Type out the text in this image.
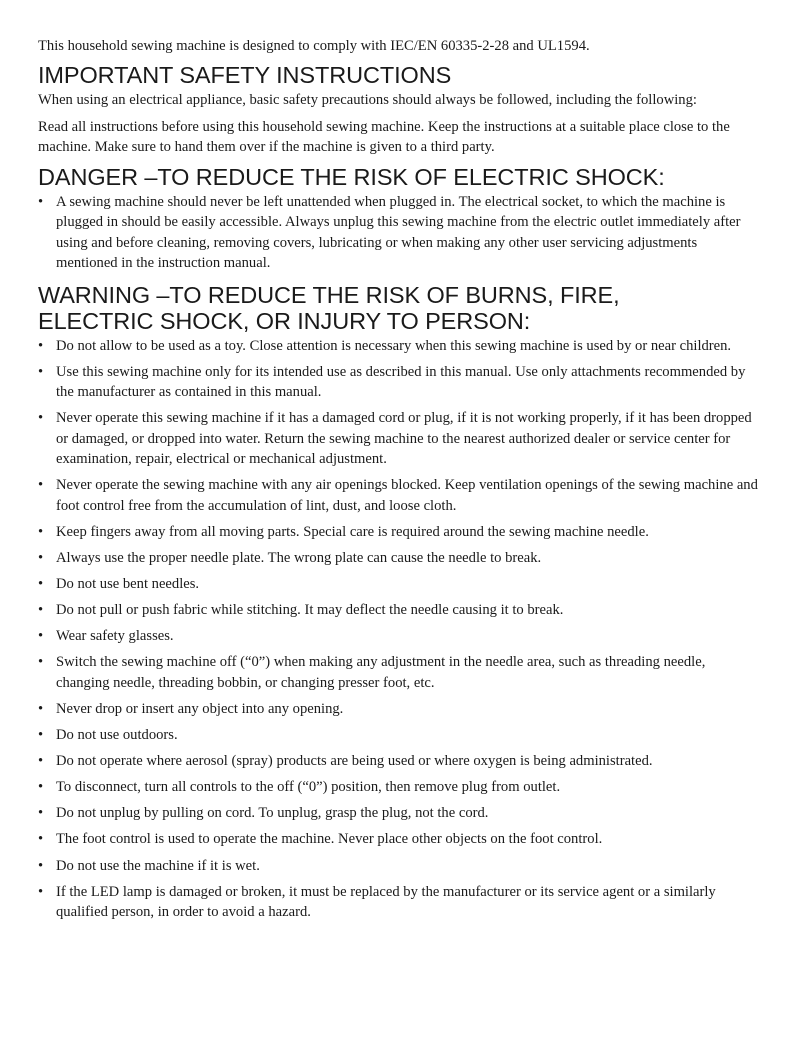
This household sewing machine is designed to comply with IEC/EN 60335-2-28 and UL1594.

IMPORTANT SAFETY INSTRUCTIONS

When using an electrical appliance, basic safety precautions should always be followed, including the following:

Read all instructions before using this household sewing machine. Keep the instructions at a suitable place close to the machine. Make sure to hand them over if the machine is given to a third party.

DANGER –TO REDUCE THE RISK OF ELECTRIC SHOCK:
• A sewing machine should never be left unattended when plugged in. The electrical socket, to which the machine is plugged in should be easily accessible. Always unplug this sewing machine from the electric outlet immediately after using and before cleaning, removing covers, lubricating or when making any other user servicing adjustments mentioned in the instruction manual.
WARNING –TO REDUCE THE RISK OF BURNS, FIRE,
ELECTRIC SHOCK, OR INJURY TO PERSON:
• Do not allow to be used as a toy. Close attention is necessary when this sewing machine is used by or near children.
• Use this sewing machine only for its intended use as described in this manual. Use only attachments recommended by the manufacturer as contained in this manual.
• Never operate this sewing machine if it has a damaged cord or plug, if it is not working properly, if it has been dropped or damaged, or dropped into water. Return the sewing machine to the nearest authorized dealer or service center for examination, repair, electrical or mechanical adjustment.
• Never operate the sewing machine with any air openings blocked. Keep ventilation openings of the sewing machine and foot control free from the accumulation of lint, dust, and loose cloth.
• Keep fingers away from all moving parts. Special care is required around the sewing machine needle.
• Always use the proper needle plate. The wrong plate can cause the needle to break.
• Do not use bent needles.
• Do not pull or push fabric while stitching. It may deflect the needle causing it to break.
• Wear safety glasses.
• Switch the sewing machine off (“0”) when making any adjustment in the needle area, such as threading needle, changing needle, threading bobbin, or changing presser foot, etc.
• Never drop or insert any object into any opening.
• Do not use outdoors.
• Do not operate where aerosol (spray) products are being used or where oxygen is being administrated.
• To disconnect, turn all controls to the off (“0”) position, then remove plug from outlet.
• Do not unplug by pulling on cord. To unplug, grasp the plug, not the cord.
• The foot control is used to operate the machine. Never place other objects on the foot control.
• Do not use the machine if it is wet.
• If the LED lamp is damaged or broken, it must be replaced by the manufacturer or its service agent or a similarly qualified person, in order to avoid a hazard.
